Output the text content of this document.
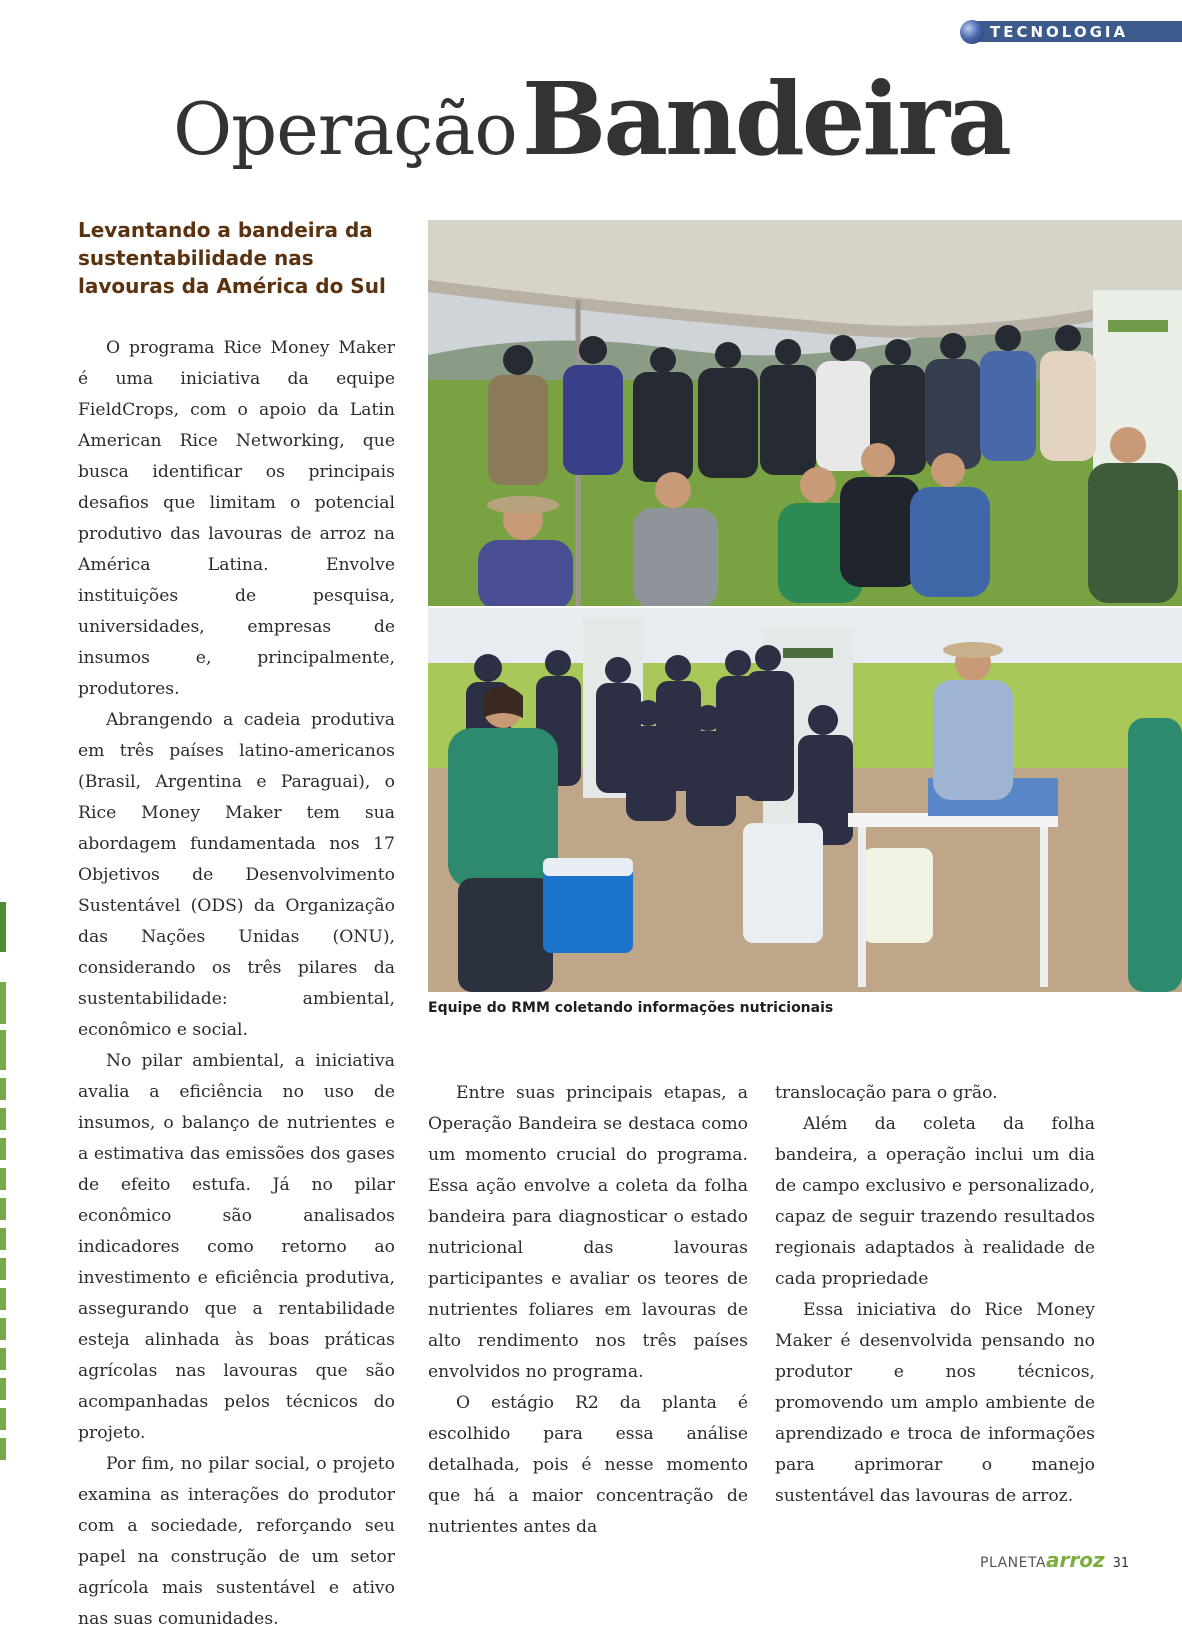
TECNOLOGIA
Operação Bandeira
Levantando a bandeira da sustentabilidade nas lavouras da América do Sul

O programa Rice Money Maker é uma iniciativa da equipe FieldCrops, com o apoio da Latin American Rice Networking, que busca identificar os principais desafios que limitam o potencial produtivo das lavouras de arroz na América Latina. Envolve instituições de pesquisa, universidades, empresas de insumos e, principalmente, produtores.

Abrangendo a cadeia produtiva em três países latino-americanos (Brasil, Argentina e Paraguai), o Rice Money Maker tem sua abordagem fundamentada nos 17 Objetivos de Desenvolvimento Sustentável (ODS) da Organização das Nações Unidas (ONU), considerando os três pilares da sustentabilidade: ambiental, econômico e social.

No pilar ambiental, a iniciativa avalia a eficiência no uso de insumos, o balanço de nutrientes e a estimativa das emissões dos gases de efeito estufa. Já no pilar econômico são analisados indicadores como retorno ao investimento e eficiência produtiva, assegurando que a rentabilidade esteja alinhada às boas práticas agrícolas nas lavouras que são acompanhadas pelos técnicos do projeto.

Por fim, no pilar social, o projeto examina as interações do produtor com a sociedade, reforçando seu papel na construção de um setor agrícola mais sustentável e ativo nas suas comunidades.

Equipe do RMM coletando informações nutricionais

Entre suas principais etapas, a Operação Bandeira se destaca como um momento crucial do programa. Essa ação envolve a coleta da folha bandeira para diagnosticar o estado nutricional das lavouras participantes e avaliar os teores de nutrientes foliares em lavouras de alto rendimento nos três países envolvidos no programa.

O estágio R2 da planta é escolhido para essa análise detalhada, pois é nesse momento que há a maior concentração de nutrientes antes da

translocação para o grão.

Além da coleta da folha bandeira, a operação inclui um dia de campo exclusivo e personalizado, capaz de seguir trazendo resultados regionais adaptados à realidade de cada propriedade

Essa iniciativa do Rice Money Maker é desenvolvida pensando no produtor e nos técnicos, promovendo um amplo ambiente de aprendizado e troca de informações para aprimorar o manejo sustentável das lavouras de arroz.

PLANETAarroz 31
